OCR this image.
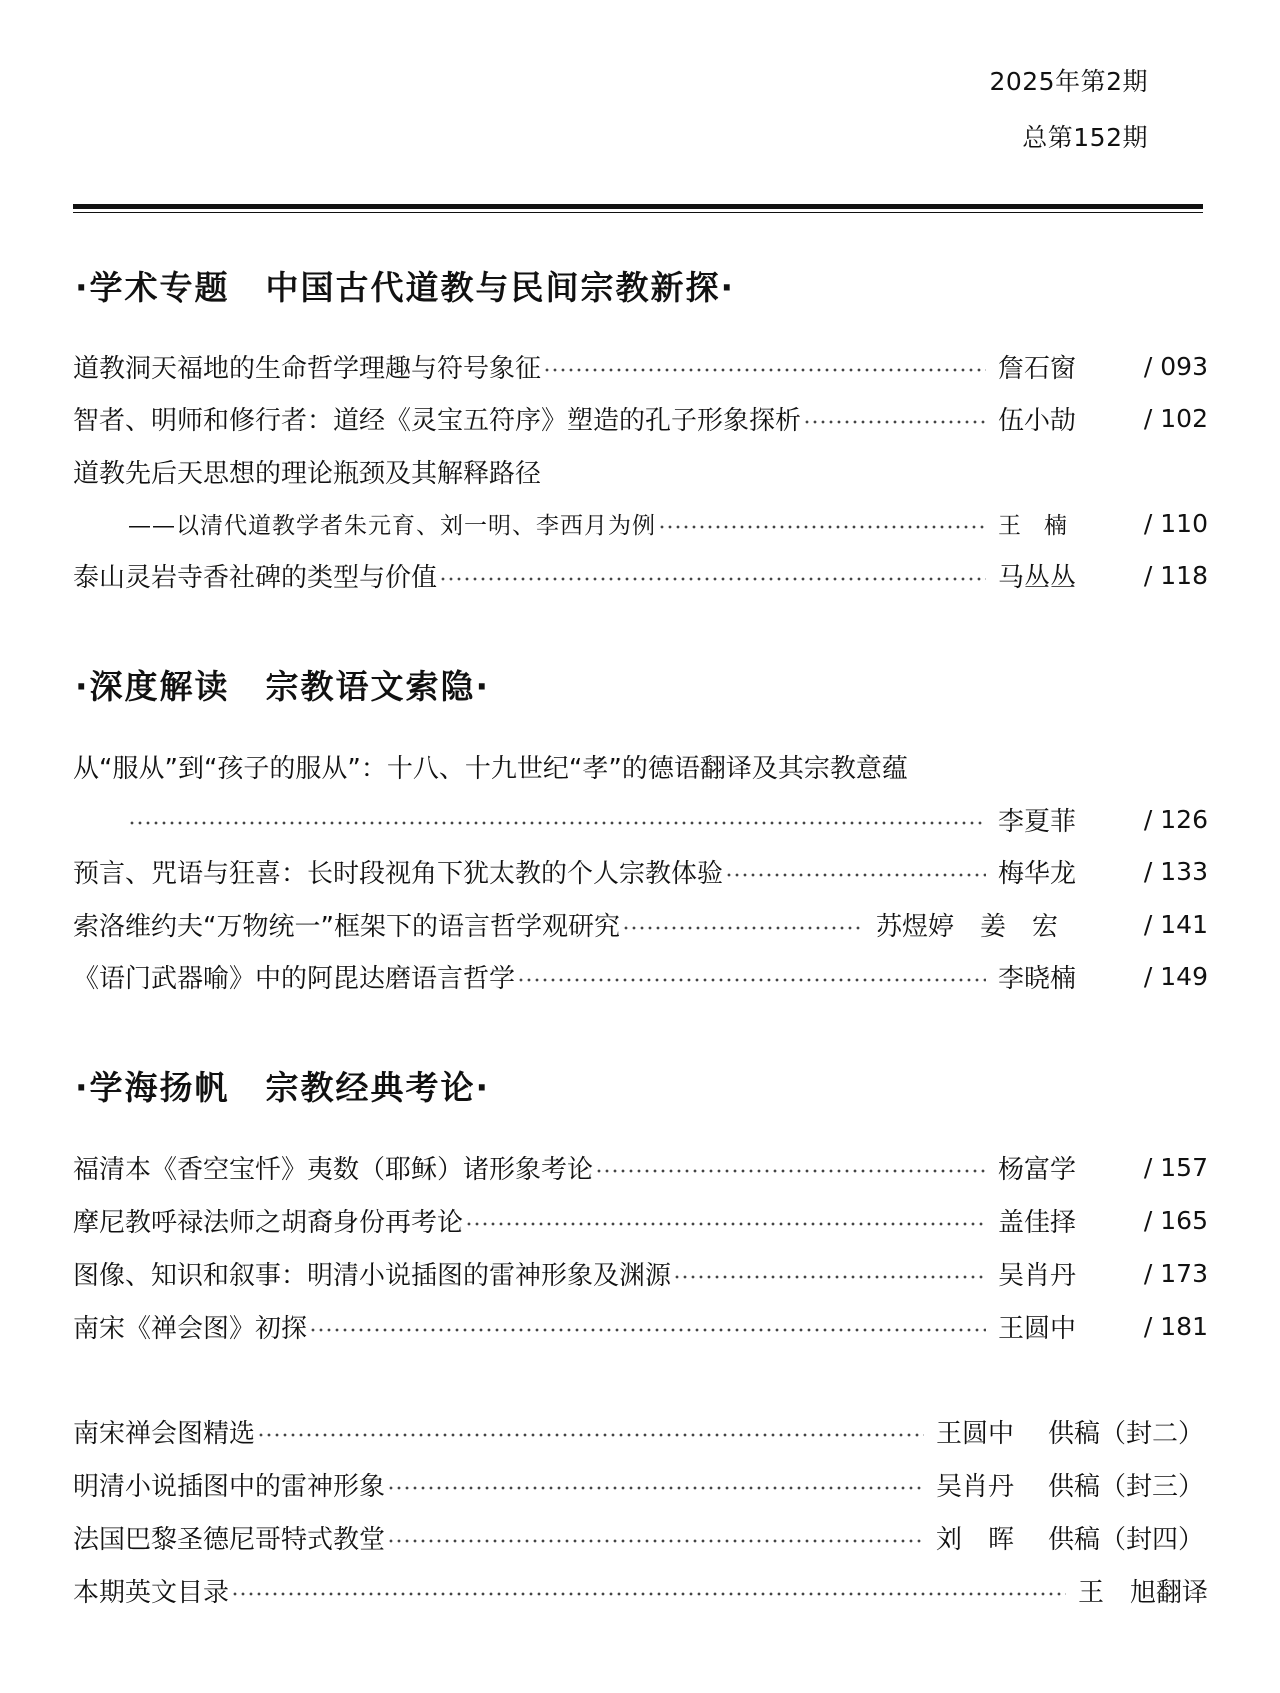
2025年第2期
总第152期
·学术专题 中国古代道教与民间宗教新探·
道教洞天福地的生命哲学理趣与符号象征	詹石窗	/ 093
智者、明师和修行者：道经《灵宝五符序》塑造的孔子形象探析	伍小劼	/ 102
道教先后天思想的理论瓶颈及其解释路径
——以清代道教学者朱元育、刘一明、李西月为例	王　楠	/ 110
泰山灵岩寺香社碑的类型与价值	马丛丛	/ 118
·深度解读 宗教语文索隐·
从“服从”到“孩子的服从”：十八、十九世纪“孝”的德语翻译及其宗教意蕴
李夏菲	/ 126
预言、咒语与狂喜：长时段视角下犹太教的个人宗教体验	梅华龙	/ 133
索洛维约夫“万物统一”框架下的语言哲学观研究	苏煜婷　姜　宏	/ 141
《语门武器喻》中的阿毘达磨语言哲学	李晓楠	/ 149
·学海扬帆 宗教经典考论·
福清本《香空宝忏》夷数（耶稣）诸形象考论	杨富学	/ 157
摩尼教呼禄法师之胡裔身份再考论	盖佳择	/ 165
图像、知识和叙事：明清小说插图的雷神形象及渊源	吴肖丹	/ 173
南宋《禅会图》初探	王圆中	/ 181
南宋禅会图精选	王圆中	供稿（封二）
明清小说插图中的雷神形象	吴肖丹	供稿（封三）
法国巴黎圣德尼哥特式教堂	刘　晖	供稿（封四）
本期英文目录	王　旭翻译
